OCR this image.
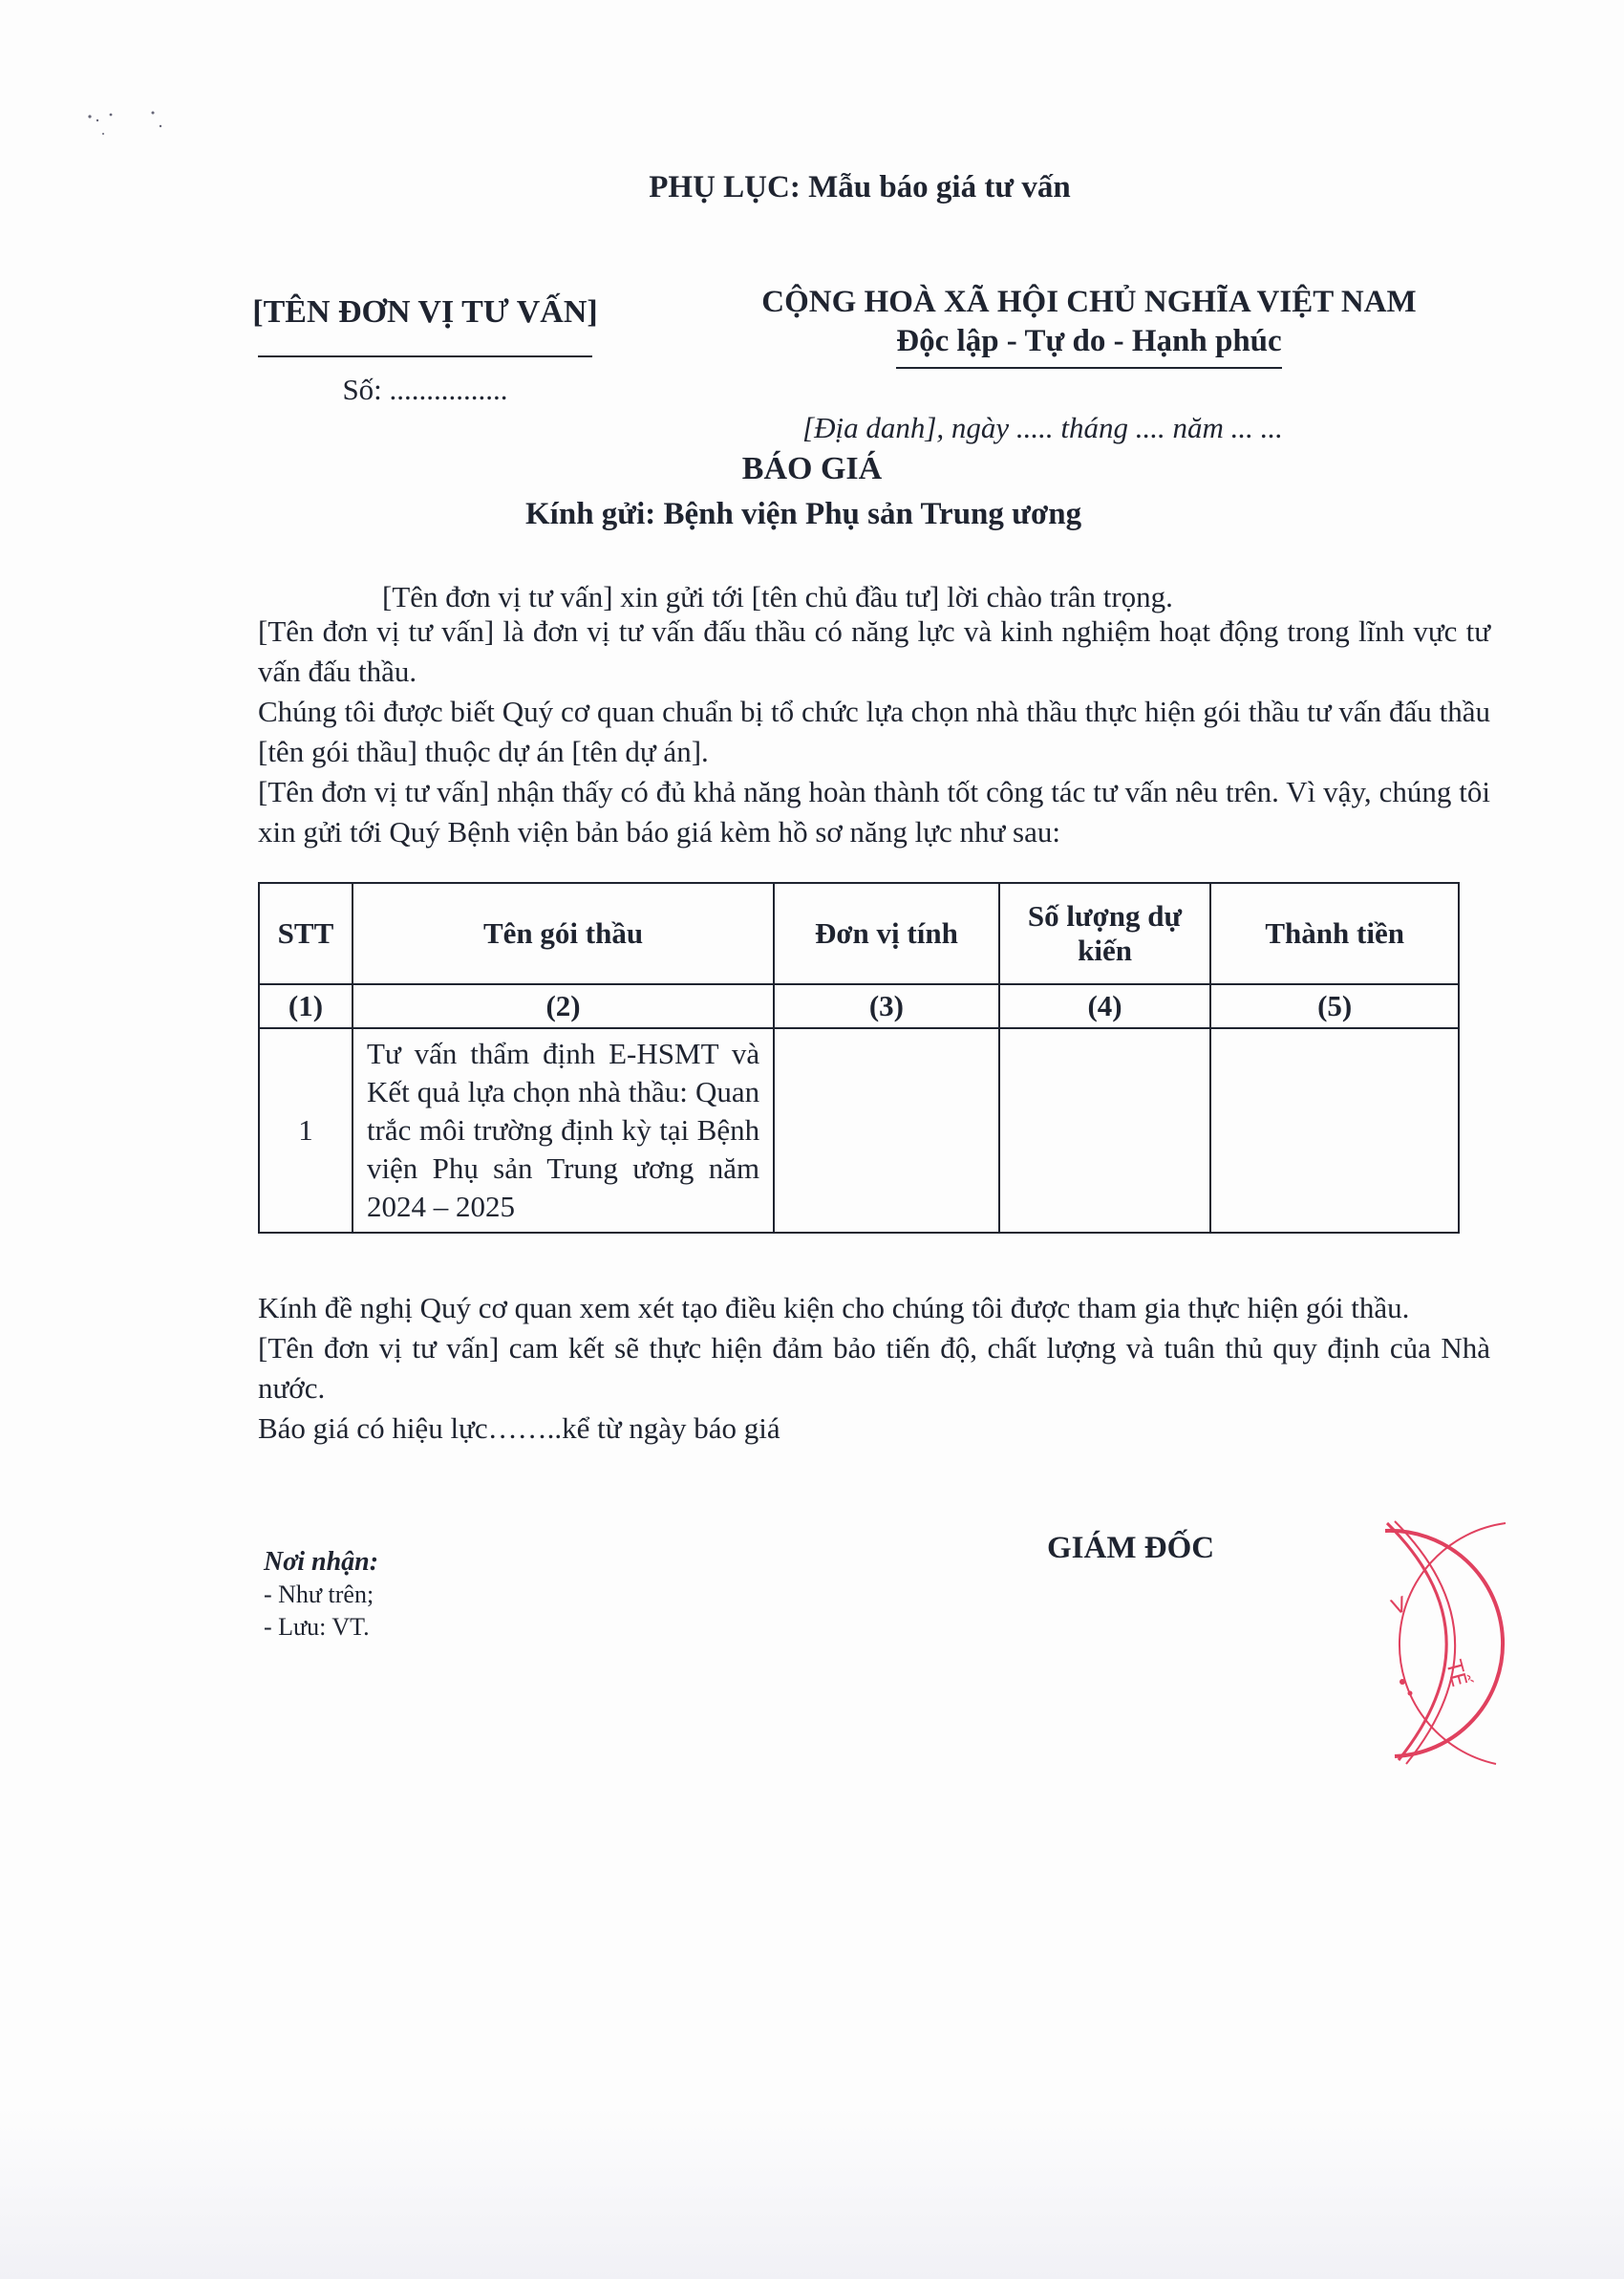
PHỤ LỤC: Mẫu báo giá tư vấn
[TÊN ĐƠN VỊ TƯ VẤN]
Số: ................
CỘNG HOÀ XÃ HỘI CHỦ NGHĨA VIỆT NAM
Độc lập - Tự do - Hạnh phúc
[Địa danh], ngày ..... tháng .... năm ... ...
BÁO GIÁ
Kính gửi: Bệnh viện Phụ sản Trung ương
[Tên đơn vị tư vấn] xin gửi tới [tên chủ đầu tư] lời chào trân trọng.
[Tên đơn vị tư vấn] là đơn vị tư vấn đấu thầu có năng lực và kinh nghiệm hoạt động trong lĩnh vực tư vấn đấu thầu.
Chúng tôi được biết Quý cơ quan chuẩn bị tổ chức lựa chọn nhà thầu thực hiện gói thầu tư vấn đấu thầu [tên gói thầu] thuộc dự án [tên dự án].
[Tên đơn vị tư vấn] nhận thấy có đủ khả năng hoàn thành tốt công tác tư vấn nêu trên. Vì vậy, chúng tôi xin gửi tới Quý Bệnh viện bản báo giá kèm hồ sơ năng lực như sau:
STT	Tên gói thầu	Đơn vị tính	Số lượng dự kiến	Thành tiền
(1)	(2)	(3)	(4)	(5)
1	Tư vấn thẩm định E-HSMT và Kết quả lựa chọn nhà thầu: Quan trắc môi trường định kỳ tại Bệnh viện Phụ sản Trung ương năm 2024 – 2025			
Kính đề nghị Quý cơ quan xem xét tạo điều kiện cho chúng tôi được tham gia thực hiện gói thầu.
[Tên đơn vị tư vấn] cam kết sẽ thực hiện đảm bảo tiến độ, chất lượng và tuân thủ quy định của Nhà nước.
Báo giá có hiệu lực……..kể từ ngày báo giá
Nơi nhận:
- Như trên;
- Lưu: VT.
GIÁM ĐỐC
V
TẾ
